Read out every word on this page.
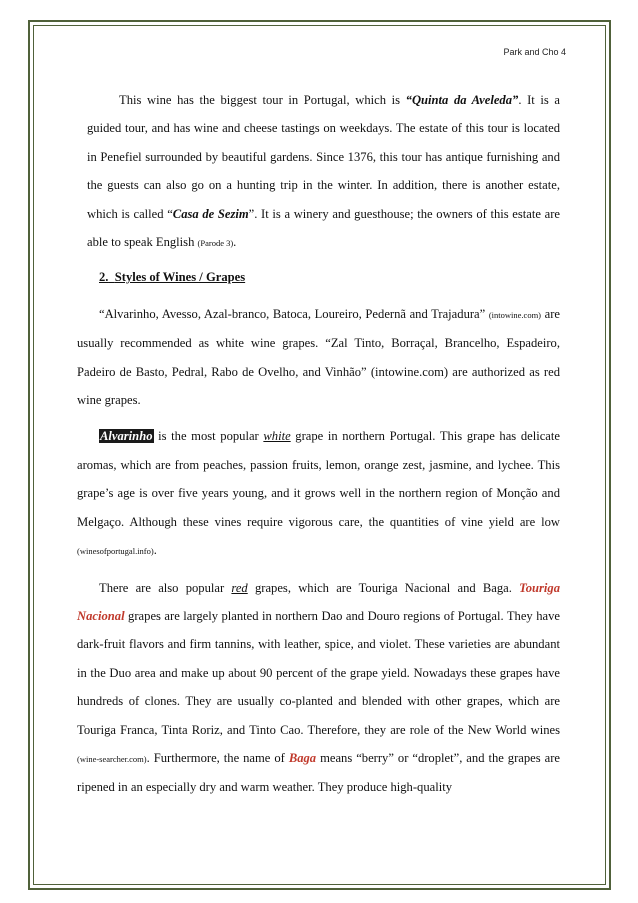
Park and Cho 4

This wine has the biggest tour in Portugal, which is “Quinta da Aveleda”. It is a guided tour, and has wine and cheese tastings on weekdays. The estate of this tour is located in Penefiel surrounded by beautiful gardens. Since 1376, this tour has antique furnishing and the guests can also go on a hunting trip in the winter. In addition, there is another estate, which is called “Casa de Sezim”. It is a winery and guesthouse; the owners of this estate are able to speak English (Parode 3).

2. Styles of Wines / Grapes

“Alvarinho, Avesso, Azal-branco, Batoca, Loureiro, Pedernã and Trajadura” (intowine.com) are usually recommended as white wine grapes. “Zal Tinto, Borraçal, Brancelho, Espadeiro, Padeiro de Basto, Pedral, Rabo de Ovelho, and Vinhão” (intowine.com) are authorized as red wine grapes.

Alvarinho is the most popular white grape in northern Portugal. This grape has delicate aromas, which are from peaches, passion fruits, lemon, orange zest, jasmine, and lychee. This grape’s age is over five years young, and it grows well in the northern region of Monção and Melgaço. Although these vines require vigorous care, the quantities of vine yield are low (winesofportugal.info).

There are also popular red grapes, which are Touriga Nacional and Baga. Touriga Nacional grapes are largely planted in northern Dao and Douro regions of Portugal. They have dark-fruit flavors and firm tannins, with leather, spice, and violet. These varieties are abundant in the Duo area and make up about 90 percent of the grape yield. Nowadays these grapes have hundreds of clones. They are usually co-planted and blended with other grapes, which are Touriga Franca, Tinta Roriz, and Tinto Cao. Therefore, they are role of the New World wines (wine-searcher.com). Furthermore, the name of Baga means “berry” or “droplet”, and the grapes are ripened in an especially dry and warm weather. They produce high-quality
